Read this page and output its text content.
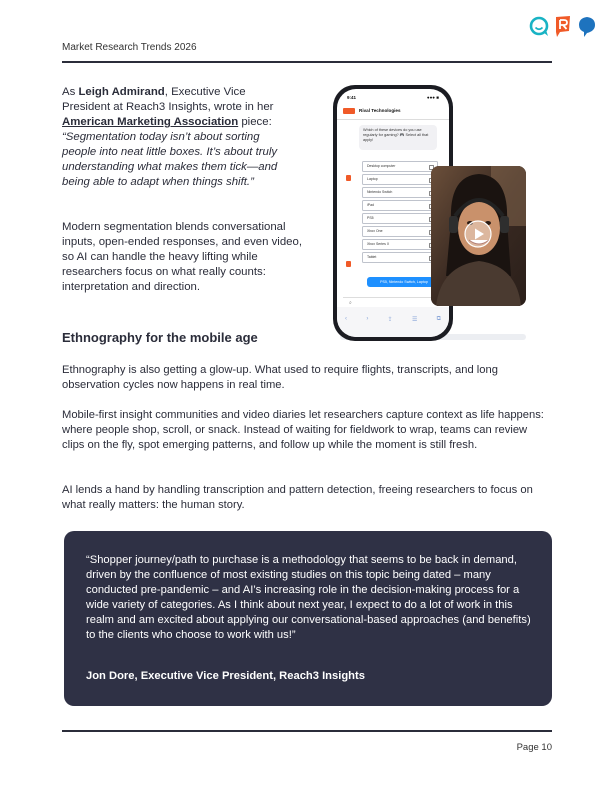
Market Research Trends 2026
As Leigh Admirand, Executive Vice President at Reach3 Insights, wrote in her American Marketing Association piece: “Segmentation today isn’t about sorting people into neat little boxes. It’s about truly understanding what makes them tick—and being able to adapt when things shift.”
Modern segmentation blends conversational inputs, open-ended responses, and even video, so AI can handle the heavy lifting while researchers focus on what really counts: interpretation and direction.
9:41	●●● ■
Rival Technologies
Which of these devices do you use regularly for gaming? 🎮 Select all that apply!
Desktop computer
Laptop
Nintendo Switch
iPad
PS5
Xbox One
Xbox Series X
Tablet
PS5, Nintendo Switch, Laptop
⌕
‹	›	⇪	☰	⧉
Ethnography for the mobile age
Ethnography is also getting a glow-up. What used to require flights, transcripts, and long observation cycles now happens in real time.
Mobile-first insight communities and video diaries let researchers capture context as life happens: where people shop, scroll, or snack. Instead of waiting for fieldwork to wrap, teams can review clips on the fly, spot emerging patterns, and follow up while the moment is still fresh.
AI lends a hand by handling transcription and pattern detection, freeing researchers to focus on what really matters: the human story.
“Shopper journey/path to purchase is a methodology that seems to be back in demand, driven by the confluence of most existing studies on this topic being dated – many conducted pre-pandemic – and AI’s increasing role in the decision-making process for a wide variety of categories. As I think about next year, I expect to do a lot of work in this realm and am excited about applying our conversational-based approaches (and benefits) to the clients who choose to work with us!”
Jon Dore, Executive Vice President, Reach3 Insights
Page 10
